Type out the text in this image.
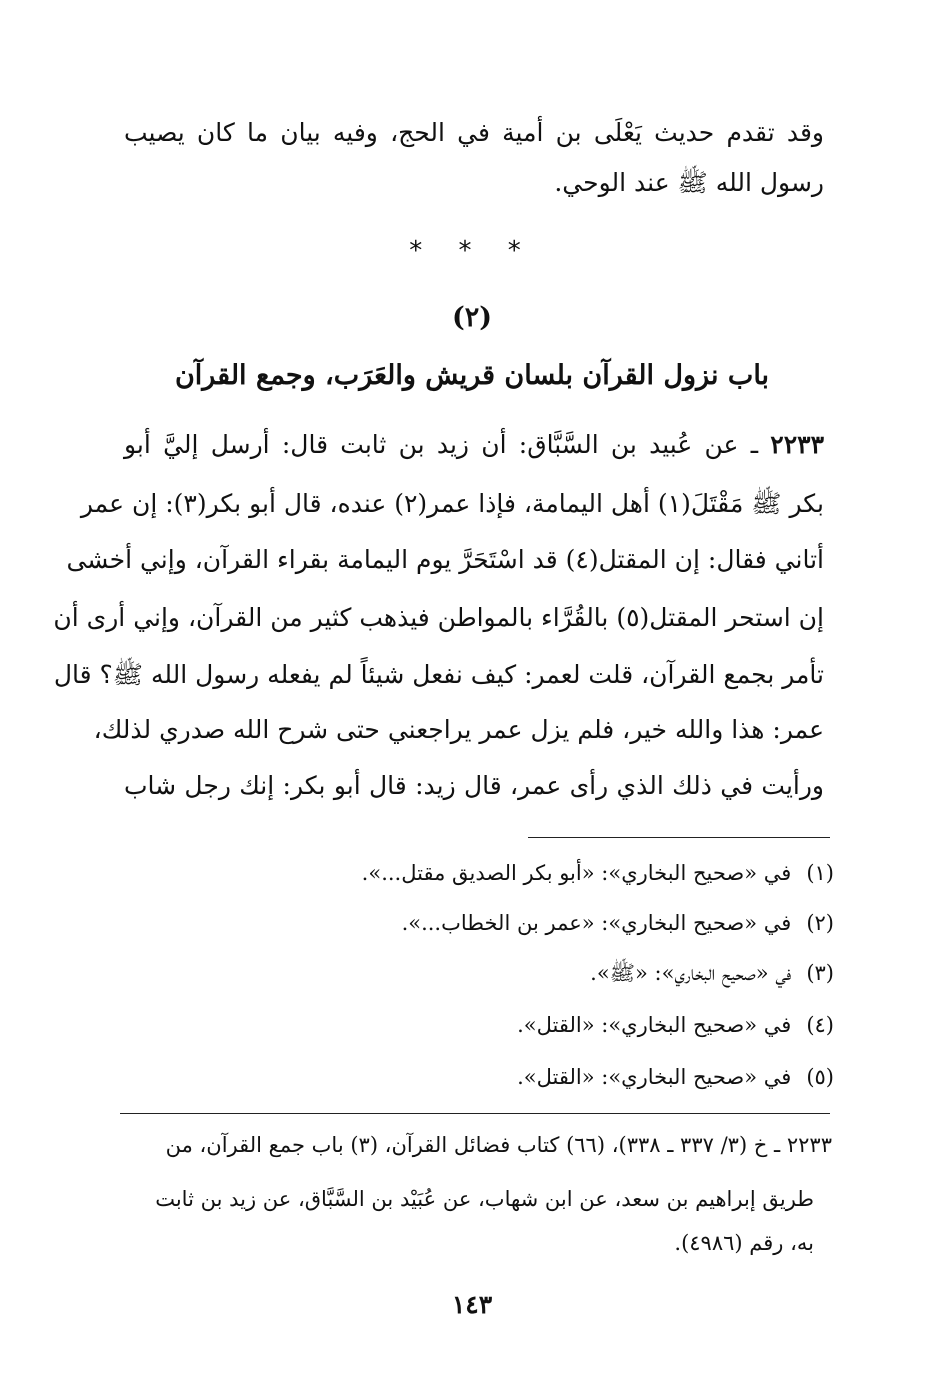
وقد تقدم حديث يَعْلَى بن أمية في الحج، وفيه بيان ما كان يصيب
رسول الله ﷺ عند الوحي.
* * *
(٢)
باب نزول القرآن بلسان قريش والعَرَب، وجمع القرآن
٢٢٣٣ ـ عن عُبيد بن السَّبَّاق: أن زيد بن ثابت قال: أرسل إليَّ أبو
بكر ﷺ مَقْتَلَ(١) أهل اليمامة، فإذا عمر(٢) عنده، قال أبو بكر(٣): إن عمر
أتاني فقال: إن المقتل(٤) قد اسْتَحَرَّ يوم اليمامة بقراء القرآن، وإني أخشى
إن استحر المقتل(٥) بالقُرَّاء بالمواطن فيذهب كثير من القرآن، وإني أرى أن
تأمر بجمع القرآن، قلت لعمر: كيف نفعل شيئاً لم يفعله رسول الله ﷺ؟ قال
عمر: هذا والله خير، فلم يزل عمر يراجعني حتى شرح الله صدري لذلك،
ورأيت في ذلك الذي رأى عمر، قال زيد: قال أبو بكر: إنك رجل شاب
(١) في «صحيح البخاري»: «أبو بكر الصديق مقتل...».
(٢) في «صحيح البخاري»: «عمر بن الخطاب...».
(٣) في «صحيح البخاري»: «ﷺ».
(٤) في «صحيح البخاري»: «القتل».
(٥) في «صحيح البخاري»: «القتل».
٢٢٣٣ ـ خ (٣/ ٣٣٧ ـ ٣٣٨)، (٦٦) كتاب فضائل القرآن، (٣) باب جمع القرآن، من
طريق إبراهيم بن سعد، عن ابن شهاب، عن عُبَيْد بن السَّبَّاق، عن زيد بن ثابت
به، رقم (٤٩٨٦).
١٤٣
